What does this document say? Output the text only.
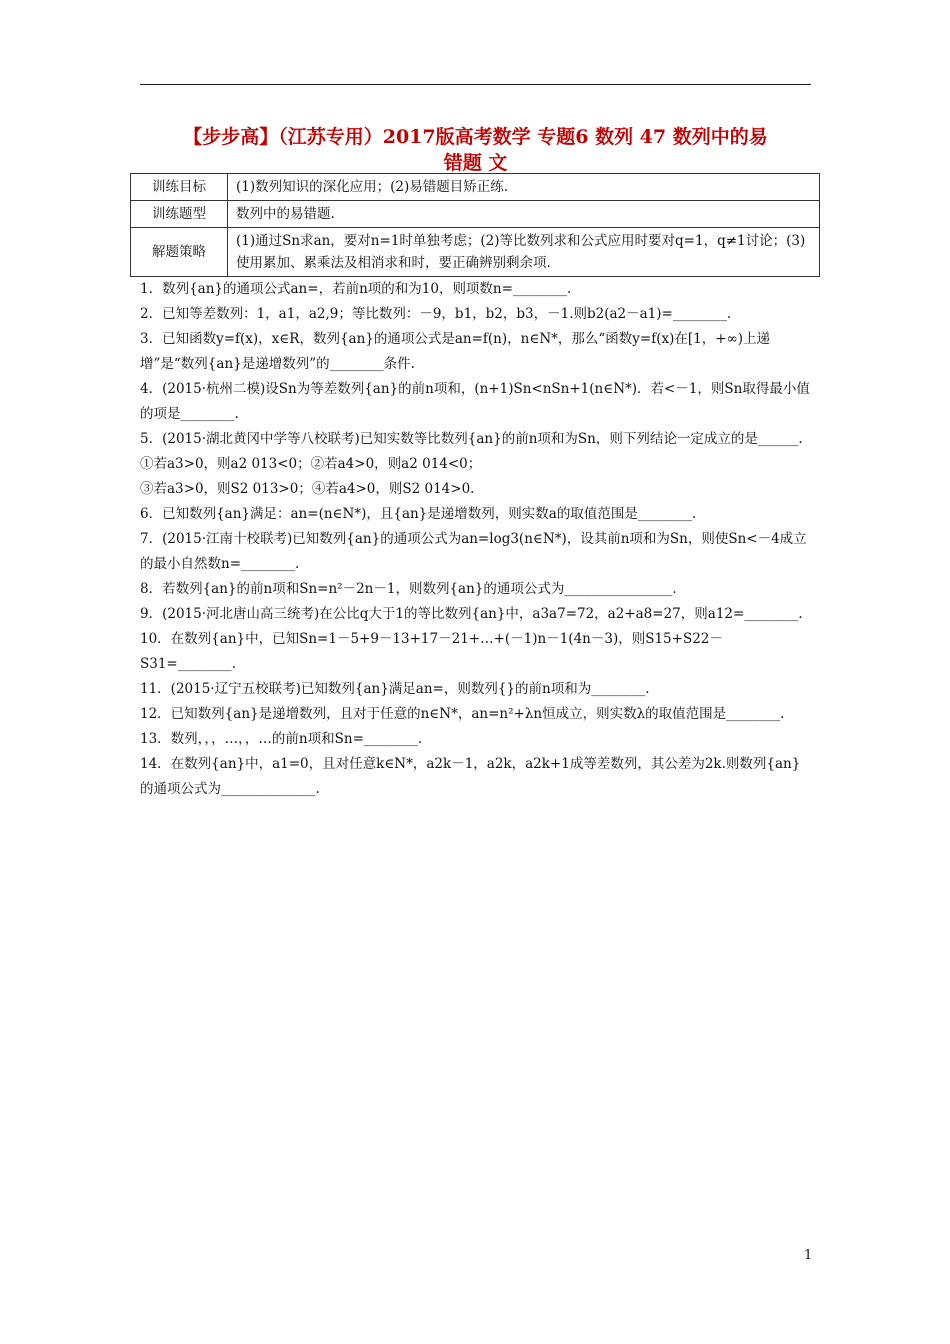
【步步高】（江苏专用）2017版高考数学 专题6 数列 47 数列中的易
错题 文
训练目标	(1)数列知识的深化应用；(2)易错题目矫正练.
训练题型	数列中的易错题.
解题策略	(1)通过Sn求an，要对n=1时单独考虑；(2)等比数列求和公式应用时要对q=1，q≠1讨论；(3)使用累加、累乘法及相消求和时，要正确辨别剩余项.

1．数列{an}的通项公式an=，若前n项的和为10，则项数n=________.

2．已知等差数列：1，a1，a2,9；等比数列：－9，b1，b2，b3，－1.则b2(a2－a1)=________.

3．已知函数y=f(x)，x∈R，数列{an}的通项公式是an=f(n)，n∈N*，那么“函数y=f(x)在[1，+∞)上递增”是“数列{an}是递增数列”的________条件.

4．(2015·杭州二模)设Sn为等差数列{an}的前n项和，(n+1)Sn<nSn+1(n∈N*)．若<－1，则Sn取得最小值的项是________.

5．(2015·湖北黄冈中学等八校联考)已知实数等比数列{an}的前n项和为Sn，则下列结论一定成立的是______.

①若a3>0，则a2 013<0；②若a4>0，则a2 014<0；

③若a3>0，则S2 013>0；④若a4>0，则S2 014>0.

6．已知数列{an}满足：an=(n∈N*)，且{an}是递增数列，则实数a的取值范围是________.

7．(2015·江南十校联考)已知数列{an}的通项公式为an=log3(n∈N*)，设其前n项和为Sn，则使Sn<－4成立的最小自然数n=________.

8．若数列{an}的前n项和Sn=n²－2n－1，则数列{an}的通项公式为________________.

9．(2015·河北唐山高三统考)在公比q大于1的等比数列{an}中，a3a7=72，a2+a8=27，则a12=________.

10．在数列{an}中，已知Sn=1－5+9－13+17－21+…+(－1)n－1(4n－3)，则S15+S22－S31=________.

11．(2015·辽宁五校联考)已知数列{an}满足an=，则数列{}的前n项和为________.

12．已知数列{an}是递增数列，且对于任意的n∈N*，an=n²+λn恒成立，则实数λ的取值范围是________.

13．数列，，，…，，…的前n项和Sn=________.

14．在数列{an}中，a1=0，且对任意k∈N*，a2k－1，a2k，a2k+1成等差数列，其公差为2k.则数列{an}的通项公式为______________.

1
